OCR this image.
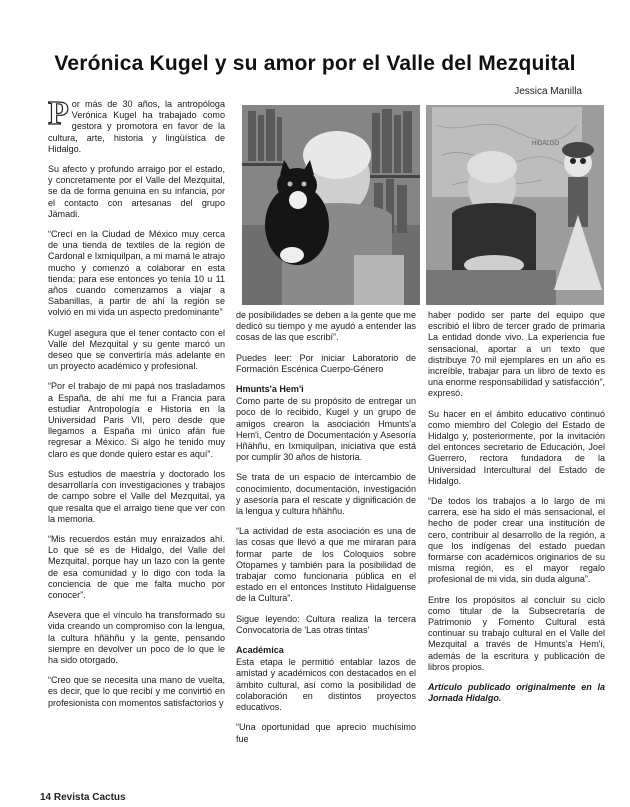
Verónica Kugel y su amor por el Valle del Mezquital
Jessica Manilla

Por más de 30 años, la antropóloga Verónica Kugel ha trabajado como gestora y promotora en favor de la cultura, arte, historia y lingüística de Hidalgo.

Su afecto y profundo arraigo por el estado, y concretamente por el Valle del Mezquital, se da de forma genuina en su infancia, por el contacto con artesanas del grupo Jämadi.

“Crecí en la Ciudad de México muy cerca de una tienda de textiles de la región de Cardonal e Ixmiquilpan, a mi mamá le atrajo mucho y comenzó a colaborar en esta tienda; para ese entonces yo tenía 10 u 11 años cuando comenzamos a viajar a Sabanillas, a partir de ahí la región se volvió en mi vida un aspecto predominante”

Kugel asegura que el tener contacto con el Valle del Mezquital y su gente marcó un deseo que se convertiría más adelante en un proyecto académico y profesional.

“Por el trabajo de mi papá nos trasladamos a España, de ahí me fui a Francia para estudiar Antropología e Historia en la Universidad Paris VII, pero desde que llegamos a España mi único afán fue regresar a México. Si algo he tenido muy claro es que donde quiero estar es aquí”.

Sus estudios de maestría y doctorado los desarrollaría con investigaciones y trabajos de campo sobre el Valle del Mezquital, ya que resalta que el arraigo tiene que ver con la memoria.

“Mis recuerdos están muy enraizados ahí. Lo que sé es de Hidalgo, del Valle del Mezquital, porque hay un lazo con la gente de esa comunidad y lo digo con toda la conciencia de que me falta mucho por conocer”.

Asevera que el vínculo ha transformado su vida creando un compromiso con la lengua, la cultura hñähñu y la gente, pensando siempre en devolver un poco de lo que le ha sido otorgado.

“Creo que se necesita una mano de vuelta, es decir, que lo que recibí y me convirtió en profesionista con momentos satisfactorios y

HIDALGO

de posibilidades se deben a la gente que me dedicó su tiempo y me ayudó a entender las cosas de las que escribí”.

Puedes leer: Por iniciar Laboratorio de Formación Escénica Cuerpo-Género

Hmunts'a Hem'i

Como parte de su propósito de entregar un poco de lo recibido, Kugel y un grupo de amigos crearon la asociación Hmunts'a Hem'i, Centro de Documentación y Asesoría Hñähñu, en Ixmiquilpan, iniciativa que está por cumplir 30 años de historia.

Se trata de un espacio de intercambio de conocimiento, documentación, investigación y asesoría para el rescate y dignificación de la lengua y cultura hñähñu.

“La actividad de esta asociación es una de las cosas que llevó a que me miraran para formar parte de los Coloquios sobre Otopames y también para la posibilidad de trabajar como funcionaria pública en el estado en el entonces Instituto Hidalguense de la Cultura”.

Sigue leyendo: Cultura realiza la tercera Convocatoria de 'Las otras tintas'

Académica

Esta etapa le permitió entablar lazos de amistad y académicos con destacados en el ámbito cultural, así como la posibilidad de colaboración en distintos proyectos educativos.

“Una oportunidad que aprecio muchísimo fue

haber podido ser parte del equipo que escribió el libro de tercer grado de primaria La entidad donde vivo. La experiencia fue sensacional, aportar a un texto que distribuye 70 mil ejemplares en un año es increíble, trabajar para un libro de texto es una enorme responsabilidad y satisfacción”, expresó.

Su hacer en el ámbito educativo continuó como miembro del Colegio del Estado de Hidalgo y, posteriormente, por la invitación del entonces secretario de Educación, Joel Guerrero, rectora fundadora de la Universidad Intercultural del Estado de Hidalgo.

“De todos los trabajos a lo largo de mi carrera, ese ha sido el más sensacional, el hecho de poder crear una institución de cero, contribuir al desarrollo de la región, a que los indígenas del estado puedan formarse con académicos originarios de su misma región, es el mayor regalo profesional de mi vida, sin duda alguna”.

Entre los propósitos al concluir su ciclo como titular de la Subsecretaría de Patrimonio y Fomento Cultural está continuar su trabajo cultural en el Valle del Mezquital a través de Hmunts'a Hem'i, además de la escritura y publicación de libros propios.

Artículo publicado originalmente en la Jornada Hidalgo.

14 Revista Cactus
